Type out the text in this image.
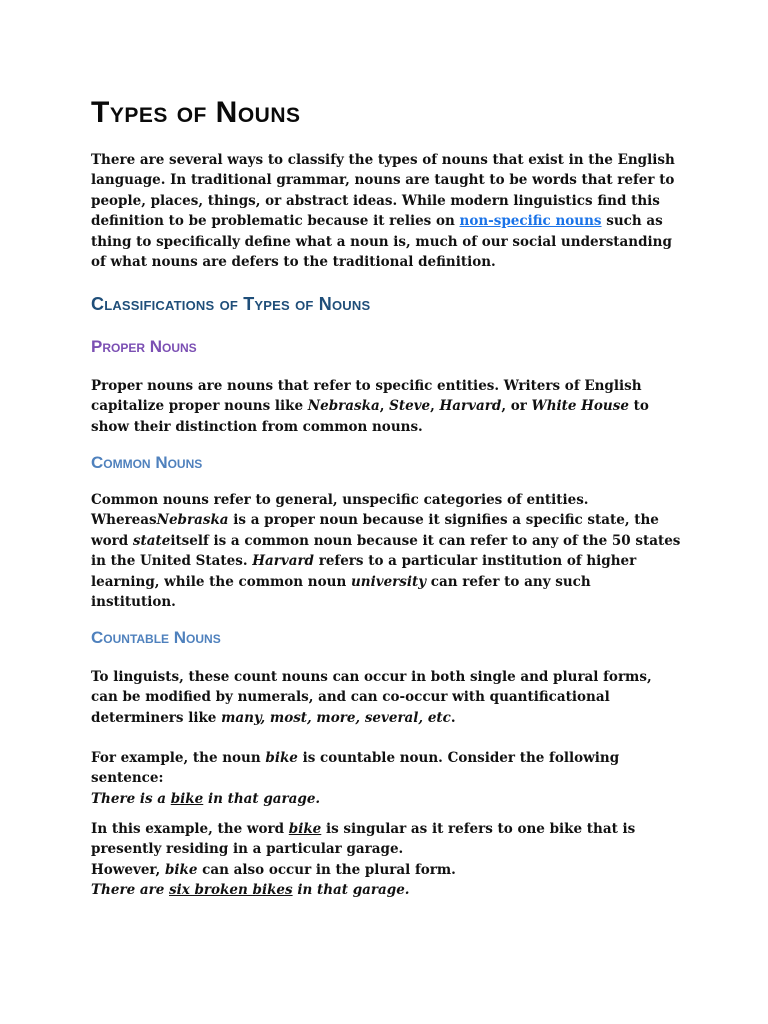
Types of Nouns
There are several ways to classify the types of nouns that exist in the English
language. In traditional grammar, nouns are taught to be words that refer to
people, places, things, or abstract ideas. While modern linguistics find this
definition to be problematic because it relies on non-specific nouns such as
thing to specifically define what a noun is, much of our social understanding
of what nouns are defers to the traditional definition.
Classifications of Types of Nouns
Proper Nouns
Proper nouns are nouns that refer to specific entities. Writers of English
capitalize proper nouns like Nebraska, Steve, Harvard, or White House to
show their distinction from common nouns.
Common Nouns
Common nouns refer to general, unspecific categories of entities.
WhereasNebraska is a proper noun because it signifies a specific state, the
word stateitself is a common noun because it can refer to any of the 50 states
in the United States. Harvard refers to a particular institution of higher
learning, while the common noun university can refer to any such
institution.
Countable Nouns
To linguists, these count nouns can occur in both single and plural forms,
can be modified by numerals, and can co-occur with quantificational
determiners like many, most, more, several, etc.
For example, the noun bike is countable noun. Consider the following
sentence:
There is a bike in that garage.
In this example, the word bike is singular as it refers to one bike that is
presently residing in a particular garage.
However, bike can also occur in the plural form.
There are six broken bikes in that garage.
